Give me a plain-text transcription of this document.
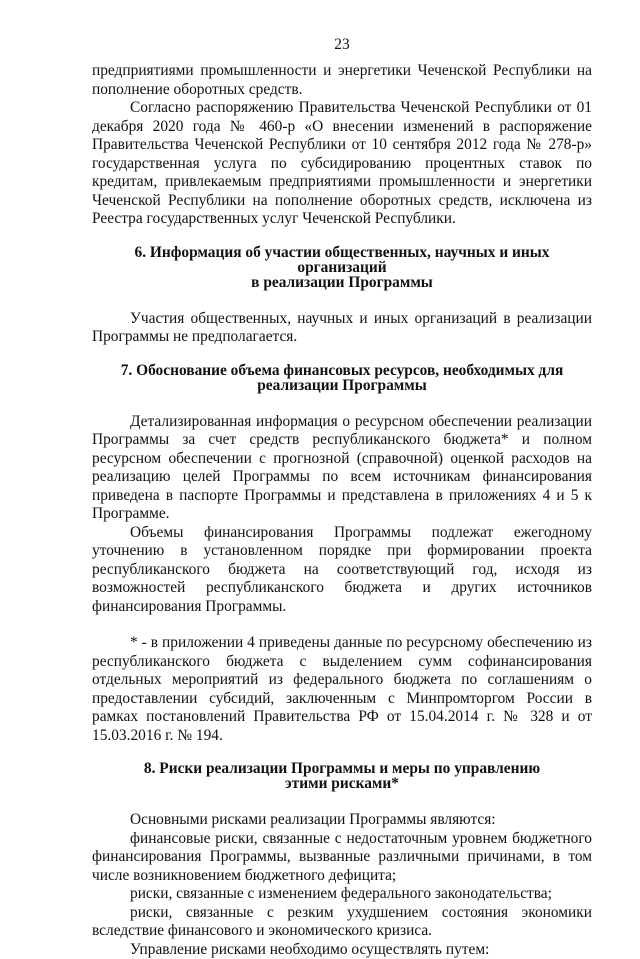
23

предприятиями промышленности и энергетики Чеченской Республики на пополнение оборотных средств.

Согласно распоряжению Правительства Чеченской Республики от 01 декабря 2020 года № 460-р «О внесении изменений в распоряжение Правительства Чеченской Республики от 10 сентября 2012 года № 278-р» государственная услуга по субсидированию процентных ставок по кредитам, привлекаемым предприятиями промышленности и энергетики Чеченской Республики на пополнение оборотных средств, исключена из Реестра государственных услуг Чеченской Республики.

6. Информация об участии общественных, научных и иных организаций
в реализации Программы

Участия общественных, научных и иных организаций в реализации Программы не предполагается.

7. Обоснование объема финансовых ресурсов, необходимых для
реализации Программы

Детализированная информация о ресурсном обеспечении реализации Программы за счет средств республиканского бюджета* и полном ресурсном обеспечении с прогнозной (справочной) оценкой расходов на реализацию целей Программы по всем источникам финансирования приведена в паспорте Программы и представлена в приложениях 4 и 5 к Программе.

Объемы финансирования Программы подлежат ежегодному уточнению в установленном порядке при формировании проекта республиканского бюджета на соответствующий год, исходя из возможностей республиканского бюджета и других источников финансирования Программы.

* - в приложении 4 приведены данные по ресурсному обеспечению из республиканского бюджета с выделением сумм софинансирования отдельных мероприятий из федерального бюджета по соглашениям о предоставлении субсидий, заключенным с Минпромторгом России в рамках постановлений Правительства РФ от 15.04.2014 г. № 328 и от 15.03.2016 г. № 194.

8. Риски реализации Программы и меры по управлению
этими рисками*

Основными рисками реализации Программы являются:

финансовые риски, связанные с недостаточным уровнем бюджетного финансирования Программы, вызванные различными причинами, в том числе возникновением бюджетного дефицита;

риски, связанные с изменением федерального законодательства;

риски, связанные с резким ухудшением состояния экономики вследствие финансового и экономического кризиса.

Управление рисками необходимо осуществлять путем:
